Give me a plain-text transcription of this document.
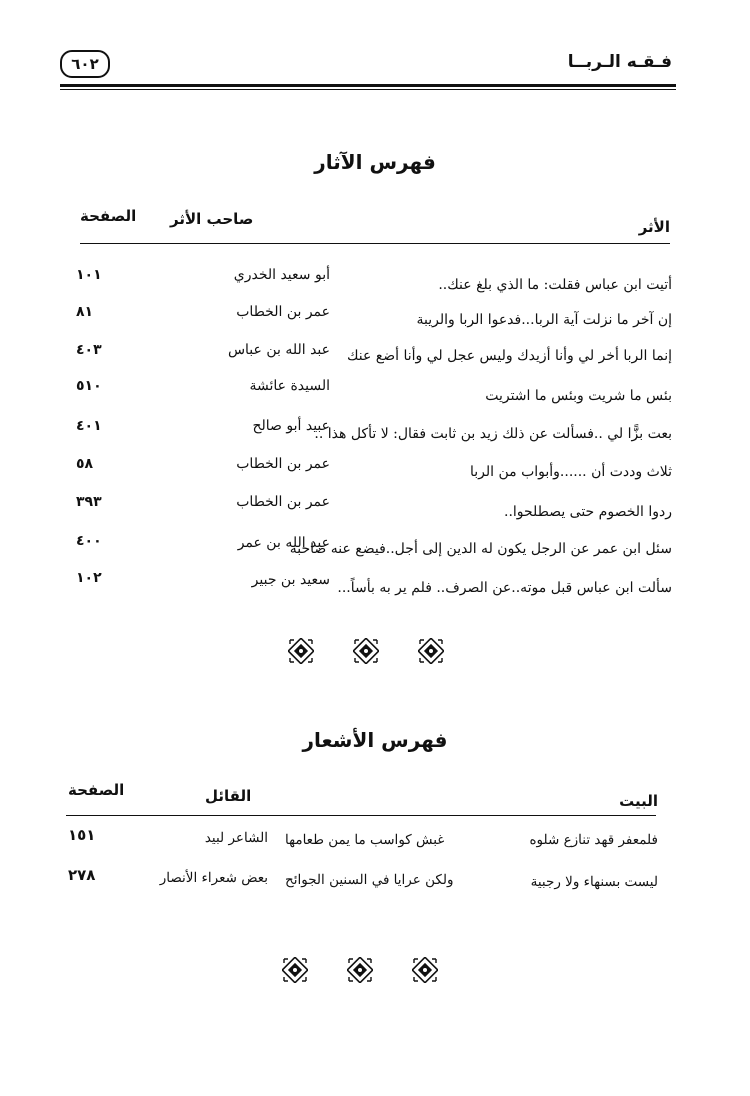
فـقـه الـربــا
٦٠٢
فهرس الآثار
الأثر
صاحب الأثر
الصفحة
أتيت ابن عباس فقلت: ما الذي بلغ عنك..
أبو سعيد الخدري
١٠١
إن آخر ما نزلت آية الربا...فدعوا الربا والريبة
عمر بن الخطاب
٨١
إنما الربا أخر لي وأنا أزيدك وليس عجل لي وأنا أضع عنك
عبد الله بن عباس
٤٠٣
بئس ما شريت وبئس ما اشتريت
السيدة عائشة
٥١٠
بعت بزًّا لي ..فسألت عن ذلك زيد بن ثابت فقال: لا تأكل هذا ..
عبيد أبو صالح
٤٠١
ثلاث وددت أن ......وأبواب من الربا
عمر بن الخطاب
٥٨
ردوا الخصوم حتى يصطلحوا..
عمر بن الخطاب
٣٩٣
سئل ابن عمر عن الرجل يكون له الدين إلى أجل..فيضع عنه صاحبه
عبد الله بن عمر
٤٠٠
سألت ابن عباس قبل موته..عن الصرف.. فلم ير به بأساً...
سعيد بن جبير
١٠٢
فهرس الأشعار
البيت
القائل
الصفحة
فلمعفر قهد تنازع شلوه
غبش كواسب ما يمن طعامها
الشاعر لبيد
١٥١
ليست بسنهاء ولا رجبية
ولكن عرايا في السنين الجوائح
بعض شعراء الأنصار
٢٧٨
